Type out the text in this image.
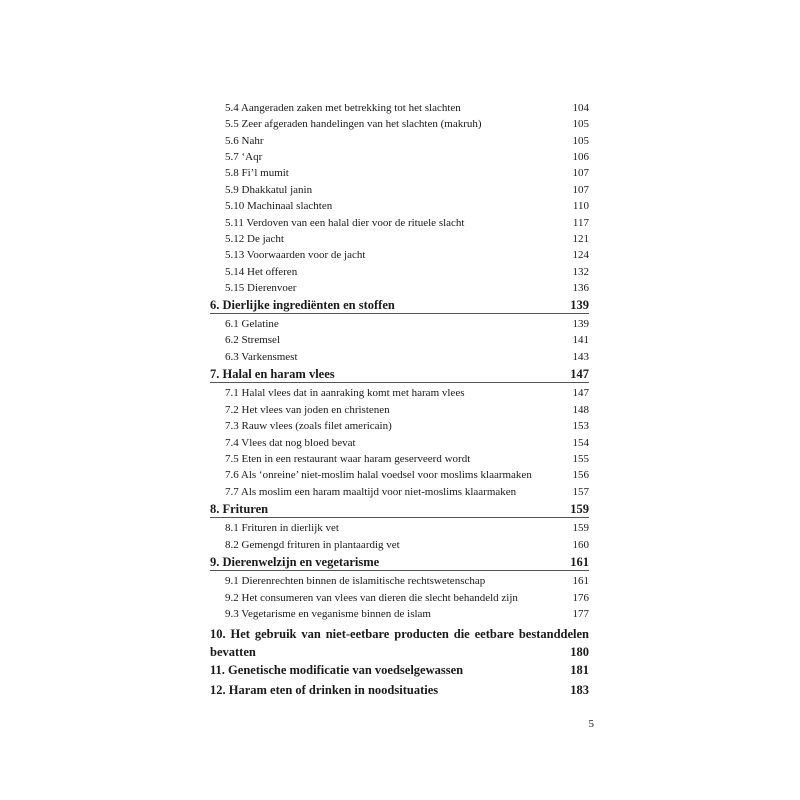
5.4 Aangeraden zaken met betrekking tot het slachten	104
5.5 Zeer afgeraden handelingen van het slachten (makruh)	105
5.6 Nahr	105
5.7 ‘Aqr	106
5.8 Fi’l mumit	107
5.9 Dhakkatul janin	107
5.10 Machinaal slachten	110
5.11 Verdoven van een halal dier voor de rituele slacht	117
5.12 De jacht	121
5.13 Voorwaarden voor de jacht	124
5.14 Het offeren	132
5.15 Dierenvoer	136
6. Dierlijke ingrediënten en stoffen	139
6.1 Gelatine	139
6.2 Stremsel	141
6.3 Varkensmest	143
7. Halal en haram vlees	147
7.1 Halal vlees dat in aanraking komt met haram vlees	147
7.2 Het vlees van joden en christenen	148
7.3 Rauw vlees (zoals filet americain)	153
7.4 Vlees dat nog bloed bevat	154
7.5 Eten in een restaurant waar haram geserveerd wordt	155
7.6 Als ‘onreine’ niet-moslim halal voedsel voor moslims klaarmaken	156
7.7 Als moslim een haram maaltijd voor niet-moslims klaarmaken	157
8. Frituren	159
8.1 Frituren in dierlijk vet	159
8.2 Gemengd frituren in plantaardig vet	160
9. Dierenwelzijn en vegetarisme	161
9.1 Dierenrechten binnen de islamitische rechtswetenschap	161
9.2 Het consumeren van vlees van dieren die slecht behandeld zijn	176
9.3 Vegetarisme en veganisme binnen de islam	177
10. Het gebruik van niet-eetbare producten die eetbare bestanddelen
bevatten	180
11. Genetische modificatie van voedselgewassen	181
12. Haram eten of drinken in noodsituaties	183
5
